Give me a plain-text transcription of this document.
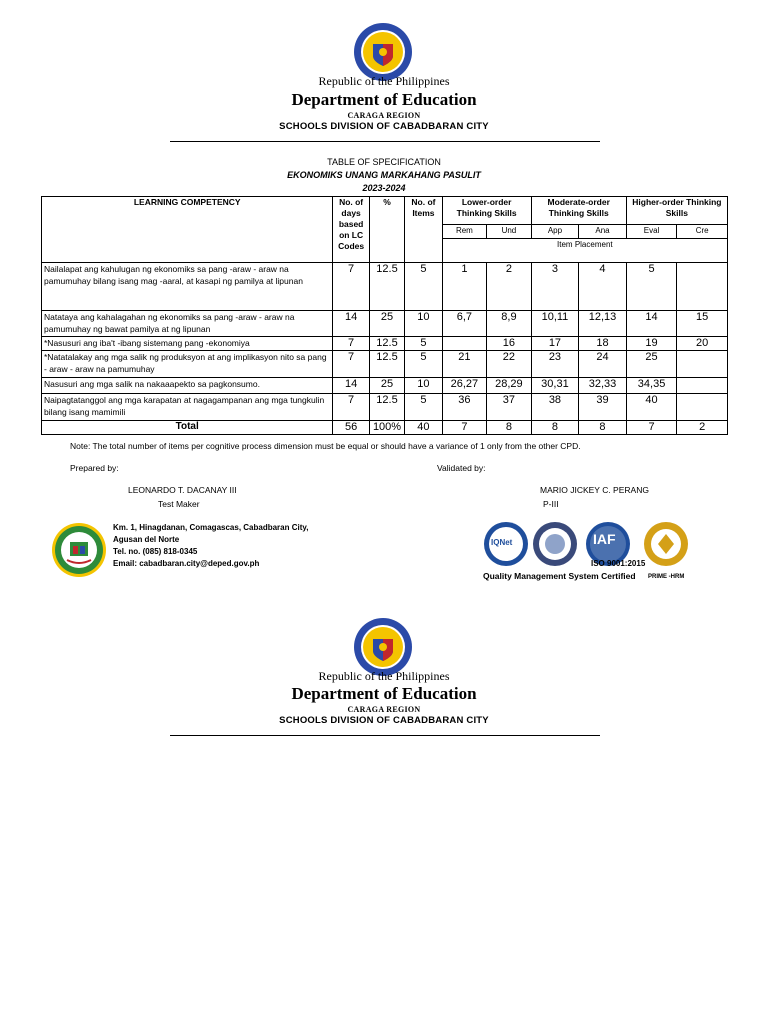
Republic of the Philippines
Department of Education
CARAGA REGION
SCHOOLS DIVISION OF CABADBARAN CITY
TABLE OF SPECIFICATION
EKONOMIKS UNANG MARKAHANG PASULIT
2023-2024
LEARNING COMPETENCY	No. of days based on LC Codes	%	No. of Items	Lower-order Thinking Skills		Moderate-order Thinking Skills		Higher-order Thinking Skills	
				Rem	Und	App	Ana	Eval	Cre
				Item Placement					
Nailalapat ang kahulugan ng ekonomiks sa pang -araw - araw na pamumuhay bilang isang mag -aaral, at kasapi ng pamilya at lipunan	7	12.5	5	1	2	3	4	5	
Natataya ang kahalagahan ng ekonomiks sa pang -araw - araw na pamumuhay ng bawat pamilya at ng lipunan	14	25	10	6,7	8,9	10,11	12,13	14	15
*Nasusuri ang iba't -ibang sistemang pang -ekonomiya	7	12.5	5		16	17	18	19	20
*Natatalakay ang mga salik ng produksyon at ang implikasyon nito sa pang - araw - araw na pamumuhay	7	12.5	5	21	22	23	24	25	
Nasusuri ang mga salik na nakaaapekto sa pagkonsumo.	14	25	10	26,27	28,29	30,31	32,33	34,35	
Naipagtatanggol ang mga karapatan at nagagampanan ang mga tungkulin bilang isang mamimili	7	12.5	5	36	37	38	39	40	
Total	56	100%	40	7	8	8	8	7	2
Note: The total number of items per cognitive process dimension must be equal or should have a variance of 1 only from the other CPD.
Prepared by:	Validated by:
LEONARDO T. DACANAY III
Test Maker
MARIO JICKEY C. PERANG
P-III
Km. 1, Hinagdanan, Comagascas, Cabadbaran City,
Agusan del Norte
Tel. no. (085) 818-0345
Email: cabadbaran.city@deped.gov.ph
IQNet	IAF
ISO 9001:2015
Quality Management System Certified PRIME -HRM
Republic of the Philippines
Department of Education
CARAGA REGION
SCHOOLS DIVISION OF CABADBARAN CITY
